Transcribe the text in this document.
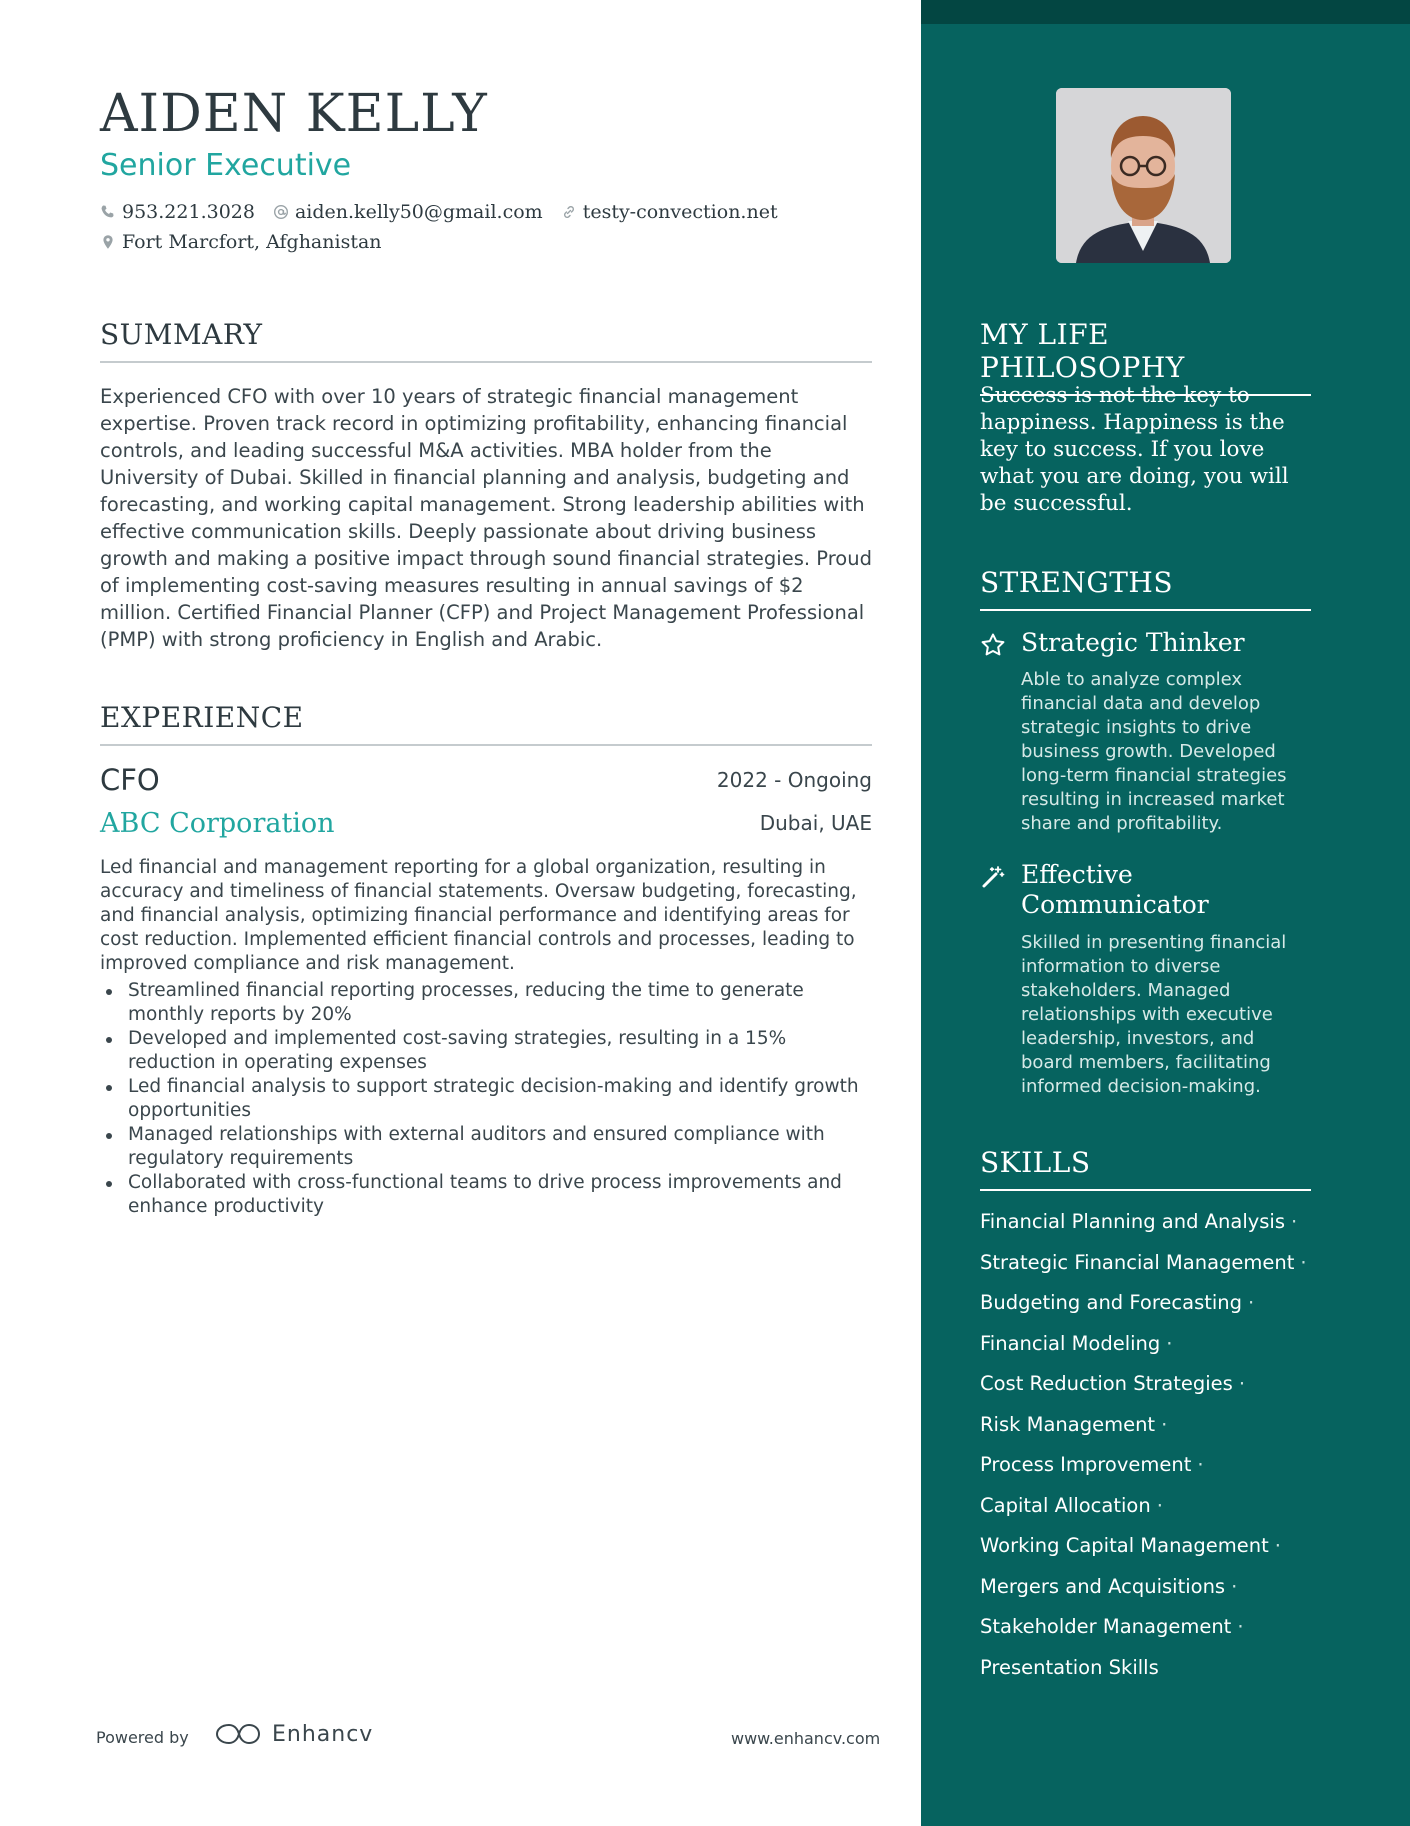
AIDEN KELLY
Senior Executive
953.221.3028 aiden.kelly50@gmail.com testy-convection.net
Fort Marcfort, Afghanistan
SUMMARY

Experienced CFO with over 10 years of strategic financial management expertise. Proven track record in optimizing profitability, enhancing financial controls, and leading successful M&A activities. MBA holder from the University of Dubai. Skilled in financial planning and analysis, budgeting and forecasting, and working capital management. Strong leadership abilities with effective communication skills. Deeply passionate about driving business growth and making a positive impact through sound financial strategies. Proud of implementing cost-saving measures resulting in annual savings of $2 million. Certified Financial Planner (CFP) and Project Management Professional (PMP) with strong proficiency in English and Arabic.

EXPERIENCE
CFO	2022 - Ongoing
ABC Corporation	Dubai, UAE

Led financial and management reporting for a global organization, resulting in accuracy and timeliness of financial statements. Oversaw budgeting, forecasting, and financial analysis, optimizing financial performance and identifying areas for cost reduction. Implemented efficient financial controls and processes, leading to improved compliance and risk management.

Streamlined financial reporting processes, reducing the time to generate monthly reports by 20%
Developed and implemented cost-saving strategies, resulting in a 15% reduction in operating expenses
Led financial analysis to support strategic decision-making and identify growth opportunities
Managed relationships with external auditors and ensured compliance with regulatory requirements
Collaborated with cross-functional teams to drive process improvements and enhance productivity
Powered by	Enhancv	www.enhancv.com
MY LIFE PHILOSOPHY

Success is not the key to happiness. Happiness is the key to success. If you love what you are doing, you will be successful.

STRENGTHS
Strategic Thinker

Able to analyze complex financial data and develop strategic insights to drive business growth. Developed long-term financial strategies resulting in increased market share and profitability.

Effective Communicator

Skilled in presenting financial information to diverse stakeholders. Managed relationships with executive leadership, investors, and board members, facilitating informed decision-making.

SKILLS
Financial Planning and Analysis ·
Strategic Financial Management ·
Budgeting and Forecasting ·
Financial Modeling ·
Cost Reduction Strategies ·
Risk Management ·
Process Improvement ·
Capital Allocation ·
Working Capital Management ·
Mergers and Acquisitions ·
Stakeholder Management ·
Presentation Skills
